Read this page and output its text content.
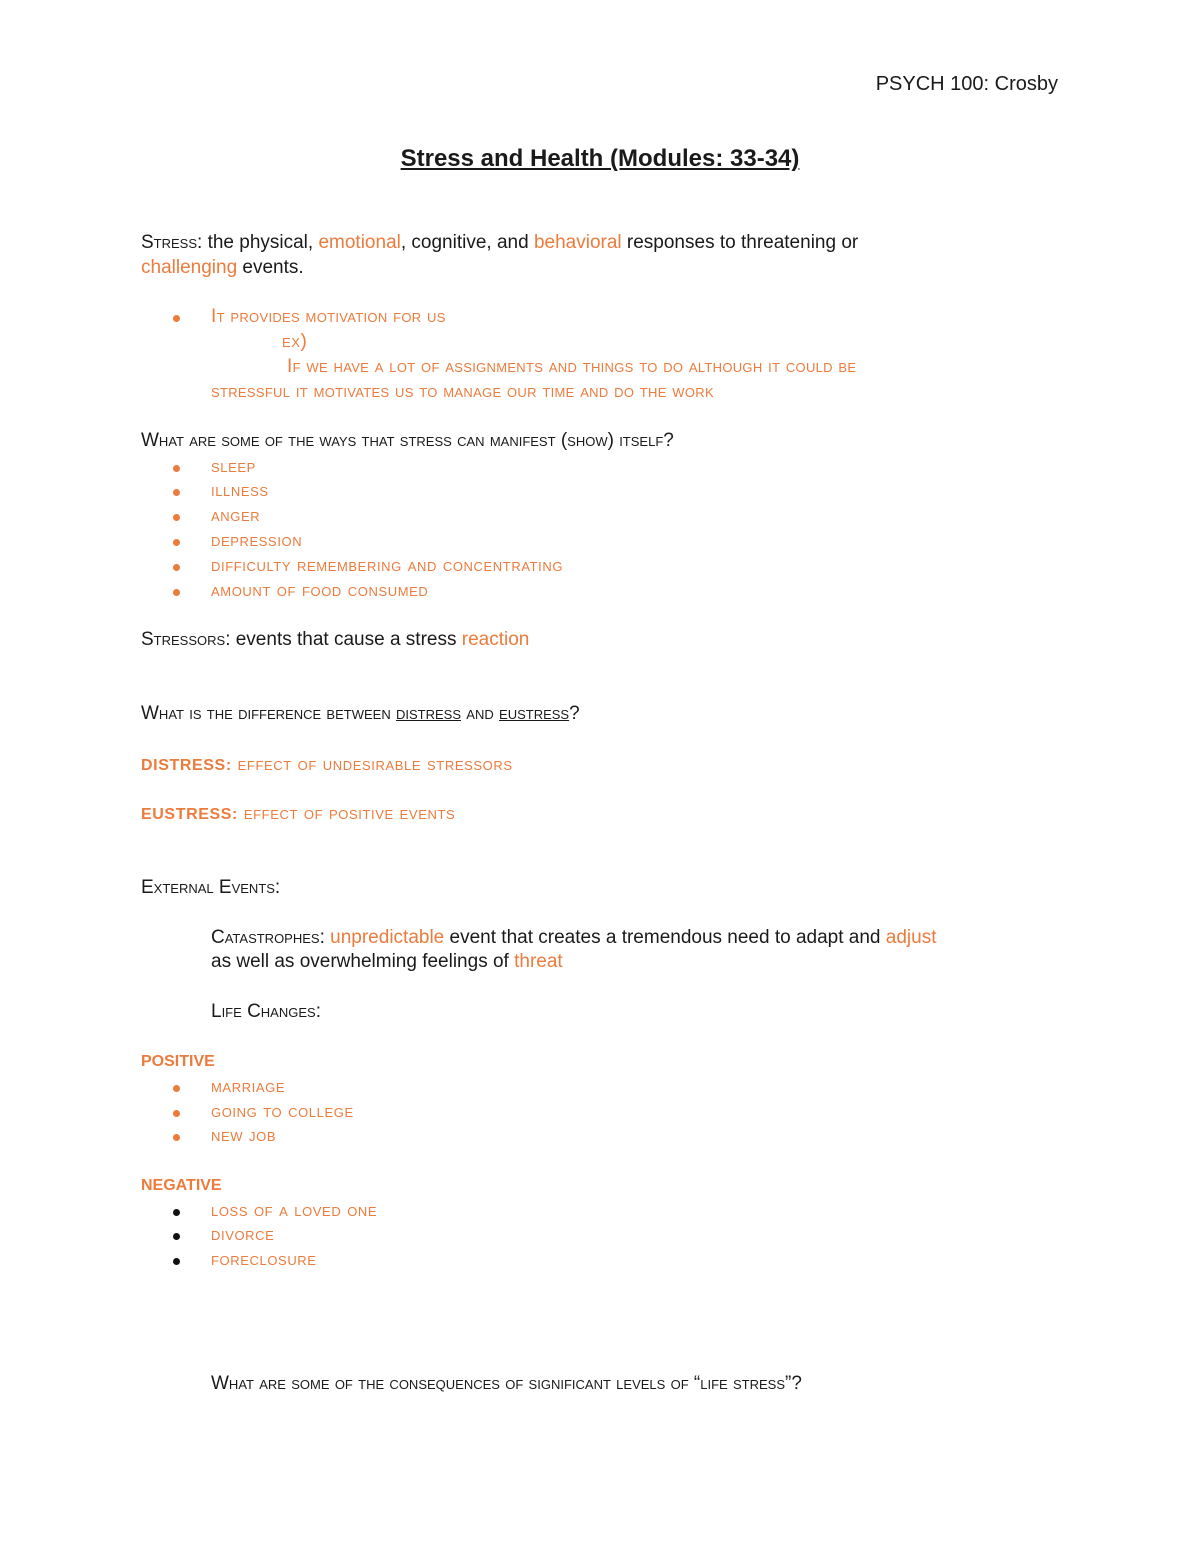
PSYCH 100: Crosby
Stress and Health (Modules: 33-34)
Stress: the physical, emotional, cognitive, and behavioral responses to threatening or
challenging events.
It provides motivation for us
ex)
If we have a lot of assignments and things to do although it could be
stressful it motivates us to manage our time and do the work
What are some of the ways that stress can manifest (show) itself?
sleep
illness
anger
depression
difficulty remembering and concentrating
amount of food consumed
Stressors: events that cause a stress reaction
What is the difference between distress and eustress?
DISTRESS: effect of undesirable stressors
EUSTRESS: effect of positive events
External Events:
Catastrophes: unpredictable event that creates a tremendous need to adapt and adjust
as well as overwhelming feelings of threat
Life Changes:
POSITIVE
marriage
going to college
new job
NEGATIVE
loss of a loved one
divorce
foreclosure
What are some of the consequences of significant levels of “life stress”?
